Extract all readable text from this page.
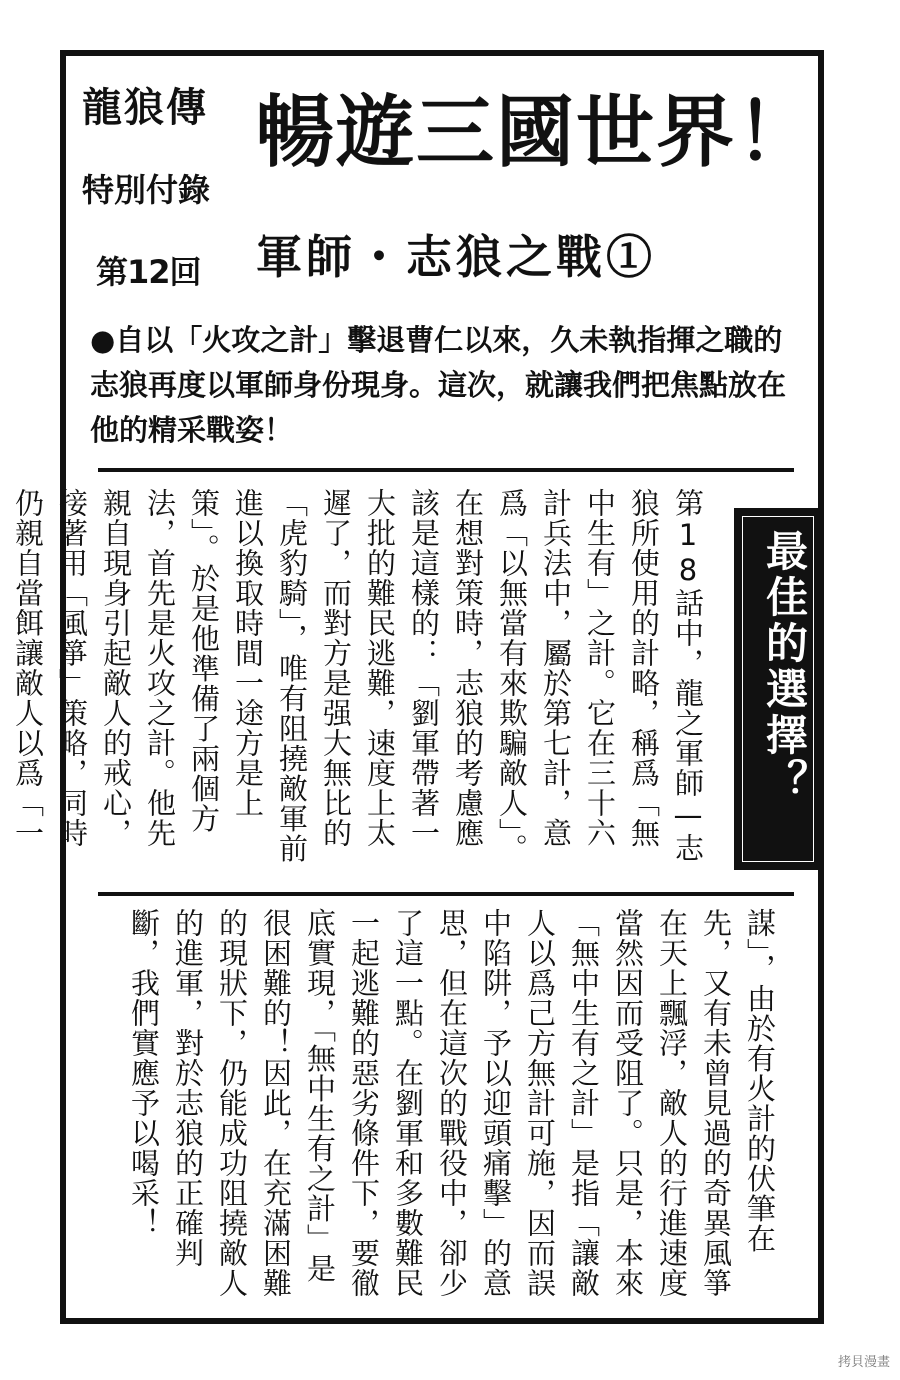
龍狼傳
特別付錄
第12回
暢遊三國世界！
軍師・志狼之戰①
●自以「火攻之計」擊退曹仁以來，久未執指揮之職的志狼再度以軍師身份現身。這次，就讓我們把焦點放在他的精采戰姿！
第18話中，龍之軍師—志狼所使用的計略，稱爲「無中生有」之計。它在三十六計兵法中，屬於第七計，意爲「以無當有來欺騙敵人」。在想對策時，志狼的考慮應該是這樣的：「劉軍帶著一大批的難民逃難，速度上太遲了，而對方是强大無比的「虎豹騎」，唯有阻撓敵軍前進以換取時間一途方是上策」。於是他準備了兩個方法，首先是火攻之計。他先親自現身引起敵人的戒心，接著用「風箏」策略，同時仍親自當餌讓敵人以爲「一
最佳的選擇？
謀」，由於有火計的伏筆在先，又有未曾見過的奇異風箏在天上飄浮，敵人的行進速度當然因而受阻了。只是，本來「無中生有之計」是指「讓敵人以爲己方無計可施，因而誤中陷阱，予以迎頭痛擊」的意思，但在這次的戰役中，卻少了這一點。在劉軍和多數難民一起逃難的惡劣條件下，要徹底實現，「無中生有之計」是很困難的！因此，在充滿困難的現狀下，仍能成功阻撓敵人的進軍，對於志狼的正確判斷，我們實應予以喝采！
拷貝漫畫
